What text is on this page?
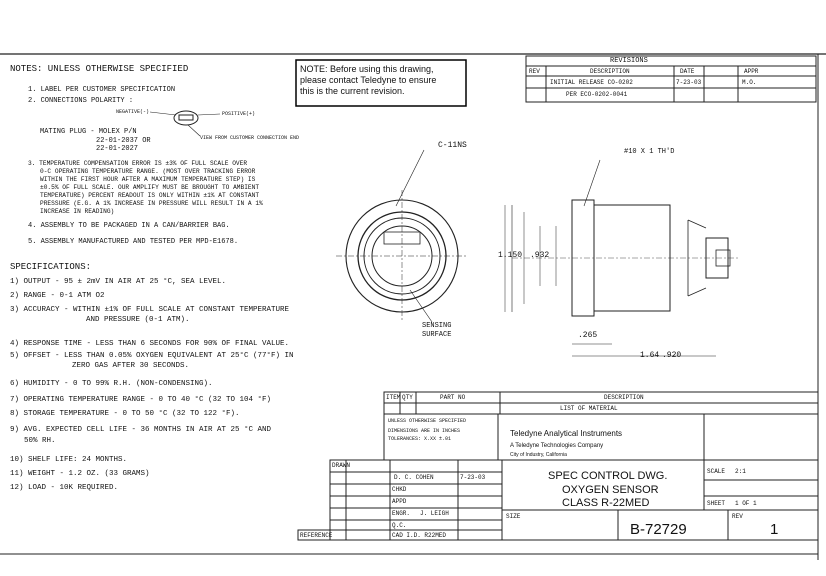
NOTE: Before using this drawing,
please contact Teledyne to ensure
this is the current revision.
REVISIONS
REV	DESCRIPTION	DATE	APPR
INITIAL RELEASE CO-0202	7-23-03	M.O.
PER ECO-0202-0041
NOTES: UNLESS OTHERWISE SPECIFIED
1. LABEL PER CUSTOMER SPECIFICATION
2. CONNECTIONS POLARITY :
NEGATIVE(-)	POSITIVE(+)
VIEW FROM CUSTOMER CONNECTION END
MATING PLUG - MOLEX P/N
22-01-2037 OR
22-01-2027
3. TEMPERATURE COMPENSATION ERROR IS ±3% OF FULL SCALE OVER
0-C OPERATING TEMPERATURE RANGE. (MOST OVER TRACKING ERROR
WITHIN THE FIRST HOUR AFTER A MAXIMUM TEMPERATURE STEP) IS
±0.5% OF FULL SCALE. OUR AMPLIFY MUST BE BROUGHT TO AMBIENT
TEMPERATURE) PERCENT READOUT IS ONLY WITHIN ±1% AT CONSTANT
PRESSURE (E.G. A 1% INCREASE IN PRESSURE WILL RESULT IN A 1%
INCREASE IN READING)
4. ASSEMBLY TO BE PACKAGED IN A CAN/BARRIER BAG.
5. ASSEMBLY MANUFACTURED AND TESTED PER MPD-E1678.
SPECIFICATIONS:
1) OUTPUT - 95 ± 2mV IN AIR AT 25 °C, SEA LEVEL.
2) RANGE - 0-1 ATM O2
3) ACCURACY - WITHIN ±1% OF FULL SCALE AT CONSTANT TEMPERATURE
AND PRESSURE (0-1 ATM).
4) RESPONSE TIME - LESS THAN 6 SECONDS FOR 90% OF FINAL VALUE.
5) OFFSET - LESS THAN 0.05% OXYGEN EQUIVALENT AT 25°C (77°F) IN
ZERO GAS AFTER 30 SECONDS.
6) HUMIDITY - 0 TO 99% R.H. (NON-CONDENSING).
7) OPERATING TEMPERATURE RANGE - 0 TO 40 °C (32 TO 104 °F)
8) STORAGE TEMPERATURE - 0 TO 50 °C (32 TO 122 °F).
9) AVG. EXPECTED CELL LIFE - 36 MONTHS IN AIR AT 25 °C AND
50% RH.
10) SHELF LIFE: 24 MONTHS.
11) WEIGHT - 1.2 OZ. (33 GRAMS)
12) LOAD - 10K REQUIRED.
C-11NS
#10 X 1 TH'D
1.150 .932
.265
1.64 .920
SENSING
SURFACE
ITEM QTY	PART NO	DESCRIPTION
LIST OF MATERIAL
UNLESS OTHERWISE SPECIFIED
DIMENSIONS ARE IN INCHES
TOLERANCES: X.XX ±.01
Teledyne Analytical Instruments
A Teledyne Technologies Company
City of Industry, California
DRAWN
D. C. COHEN	7-23-03
CHKD
APPD
ENGR. J. LEIGH
Q.C.
REFERENCE	CAD I.D. R22MED
SPEC CONTROL DWG.
OXYGEN SENSOR
CLASS R-22MED
SCALE 2:1
SHEET 1 OF 1
SIZE	REV
B-72729	1
